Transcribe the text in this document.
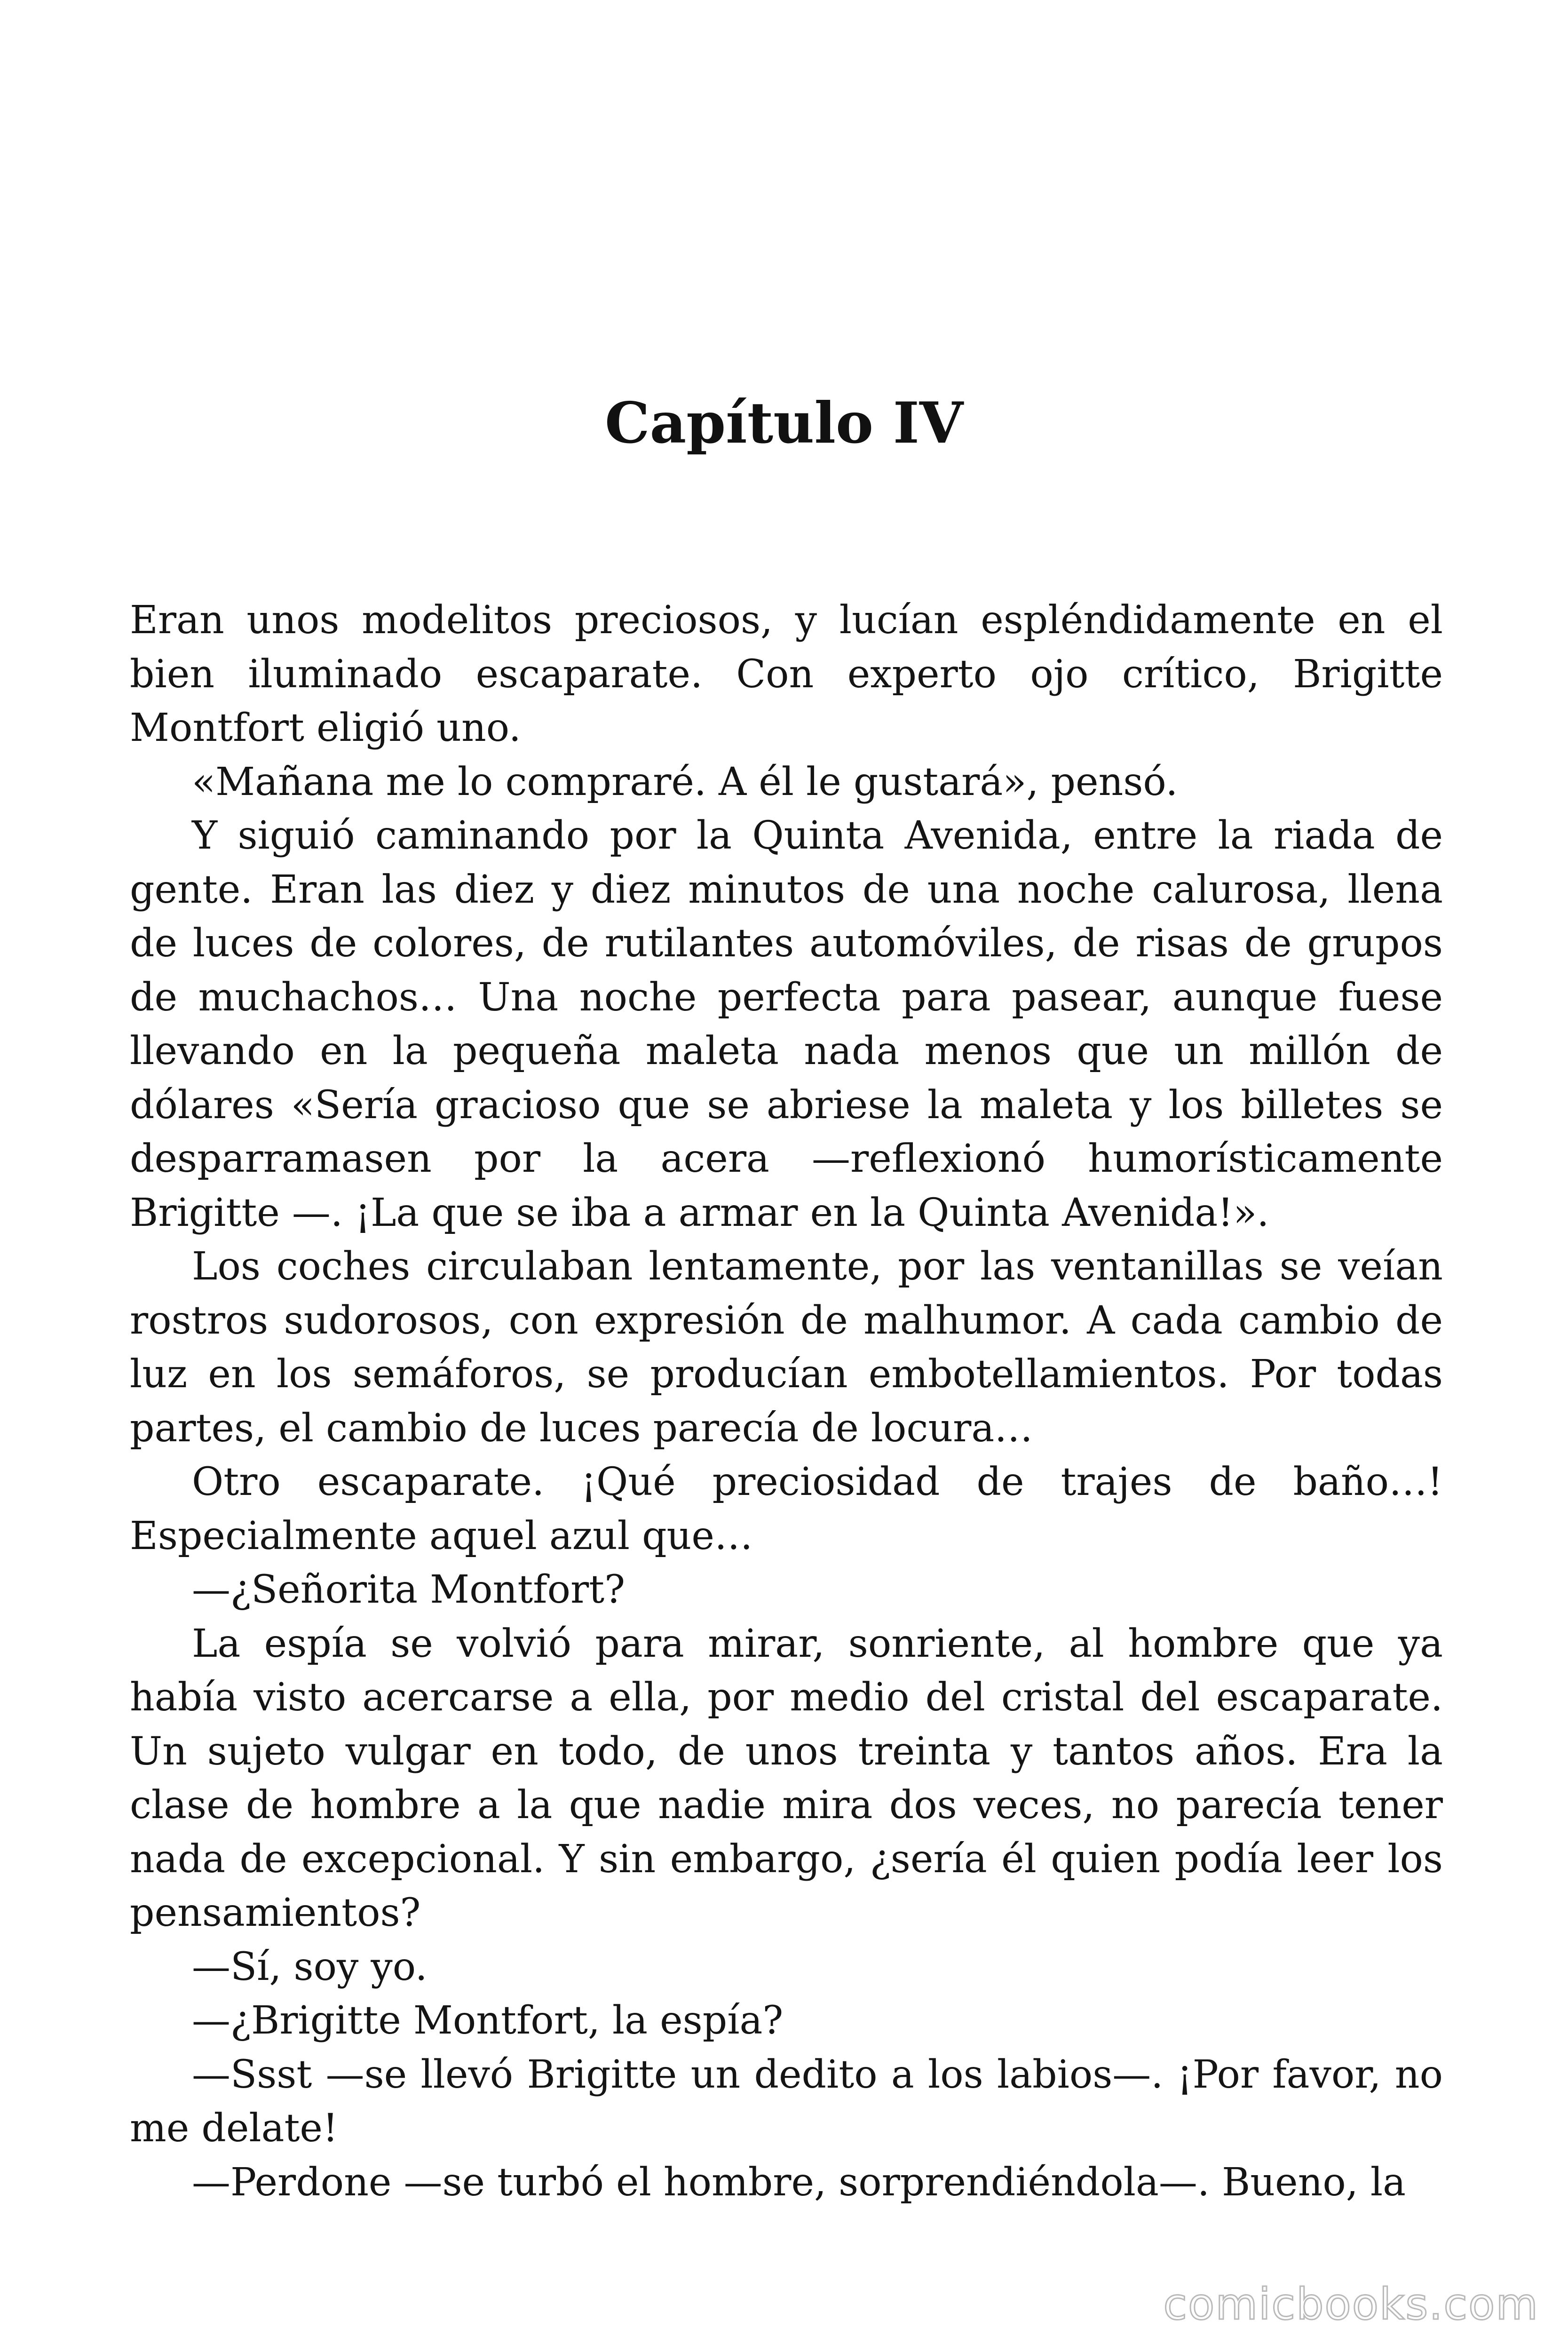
Capítulo IV

Eran unos modelitos preciosos, y lucían espléndidamente en el bien iluminado escaparate. Con experto ojo crítico, Brigitte Montfort eligió uno.

«Mañana me lo compraré. A él le gustará», pensó.

Y siguió caminando por la Quinta Avenida, entre la riada de gente. Eran las diez y diez minutos de una noche calurosa, llena de luces de colores, de rutilantes automóviles, de risas de grupos de muchachos… Una noche perfecta para pasear, aunque fuese llevando en la pequeña maleta nada menos que un millón de dólares «Sería gracioso que se abriese la maleta y los billetes se desparramasen por la acera —reflexionó humorísticamente Brigitte —. ¡La que se iba a armar en la Quinta Avenida!».

Los coches circulaban lentamente, por las ventanillas se veían rostros sudorosos, con expresión de malhumor. A cada cambio de luz en los semáforos, se producían embotellamientos. Por todas partes, el cambio de luces parecía de locura…

Otro escaparate. ¡Qué preciosidad de trajes de baño…! Especialmente aquel azul que…

—¿Señorita Montfort?

La espía se volvió para mirar, sonriente, al hombre que ya había visto acercarse a ella, por medio del cristal del escaparate. Un sujeto vulgar en todo, de unos treinta y tantos años. Era la clase de hombre a la que nadie mira dos veces, no parecía tener nada de excepcional. Y sin embargo, ¿sería él quien podía leer los pensamientos?

—Sí, soy yo.

—¿Brigitte Montfort, la espía?

—Ssst —se llevó Brigitte un dedito a los labios—. ¡Por favor, no me delate!

—Perdone —se turbó el hombre, sorprendiéndola—. Bueno, la

comicbooks.com
